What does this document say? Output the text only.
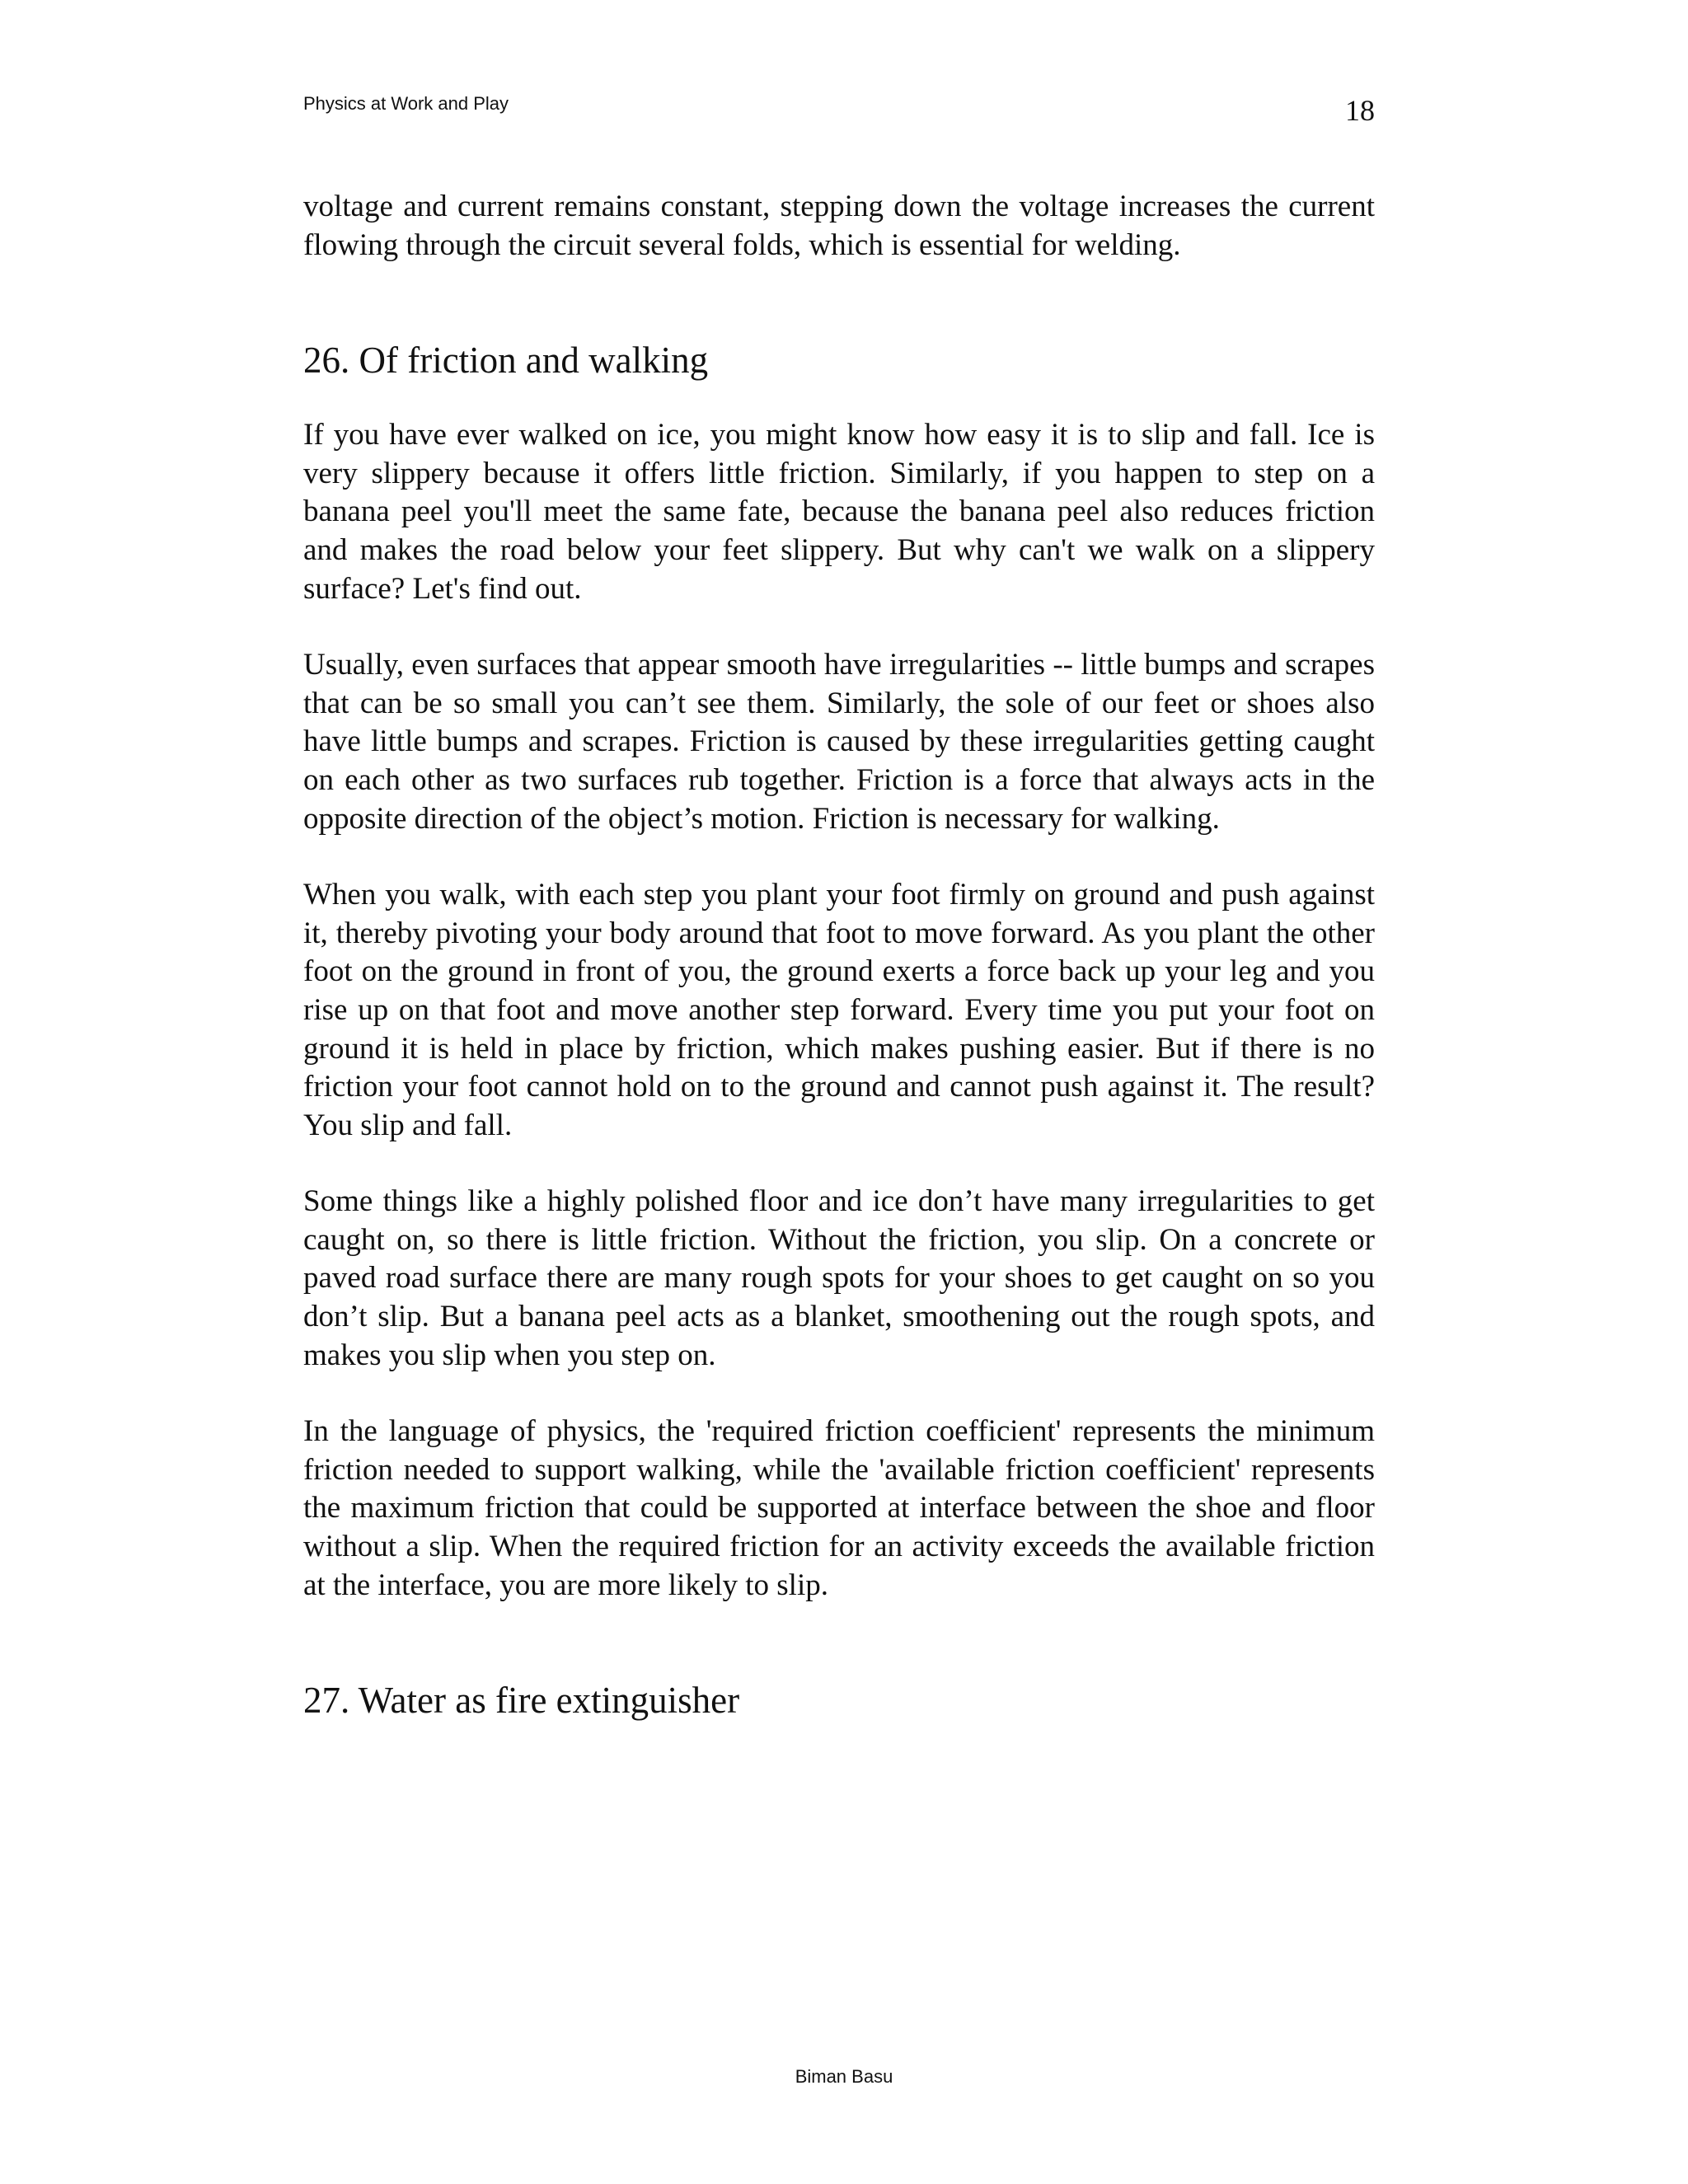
Physics at Work and Play	18

voltage and current remains constant, stepping down the voltage increases the current flowing through the circuit several folds, which is essential for welding.

26. Of friction and walking

If you have ever walked on ice, you might know how easy it is to slip and fall. Ice is very slippery because it offers little friction. Similarly, if you happen to step on a banana peel you'll meet the same fate, because the banana peel also reduces friction and makes the road below your feet slippery. But why can't we walk on a slippery surface? Let's find out.

Usually, even surfaces that appear smooth have irregularities -- little bumps and scrapes that can be so small you can’t see them. Similarly, the sole of our feet or shoes also have little bumps and scrapes. Friction is caused by these irregularities getting caught on each other as two surfaces rub together. Friction is a force that always acts in the opposite direction of the object’s motion. Friction is necessary for walking.

When you walk, with each step you plant your foot firmly on ground and push against it, thereby pivoting your body around that foot to move forward. As you plant the other foot on the ground in front of you, the ground exerts a force back up your leg and you rise up on that foot and move another step forward. Every time you put your foot on ground it is held in place by friction, which makes pushing easier. But if there is no friction your foot cannot hold on to the ground and cannot push against it. The result? You slip and fall.

Some things like a highly polished floor and ice don’t have many irregularities to get caught on, so there is little friction. Without the friction, you slip. On a concrete or paved road surface there are many rough spots for your shoes to get caught on so you don’t slip. But a banana peel acts as a blanket, smoothening out the rough spots, and makes you slip when you step on.

In the language of physics, the 'required friction coefficient' represents the minimum friction needed to support walking, while the 'available friction coefficient' represents the maximum friction that could be supported at interface between the shoe and floor without a slip. When the required friction for an activity exceeds the available friction at the interface, you are more likely to slip.

27. Water as fire extinguisher
Biman Basu
